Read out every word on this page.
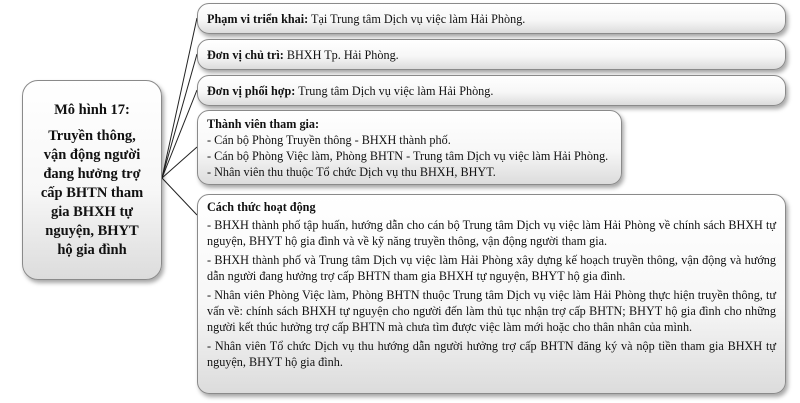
Mô hình 17:
Truyền thông,
vận động người
đang hưởng trợ
cấp BHTN tham
gia BHXH tự
nguyện, BHYT
hộ gia đình
Phạm vi triển khai: Tại Trung tâm Dịch vụ việc làm Hải Phòng.
Đơn vị chủ trì: BHXH Tp. Hải Phòng.
Đơn vị phối hợp: Trung tâm Dịch vụ việc làm Hải Phòng.
Thành viên tham gia:
- Cán bộ Phòng Truyền thông - BHXH thành phố.
- Cán bộ Phòng Việc làm, Phòng BHTN - Trung tâm Dịch vụ việc làm Hải Phòng.
- Nhân viên thu thuộc Tổ chức Dịch vụ thu BHXH, BHYT.
Cách thức hoạt động
- BHXH thành phố tập huấn, hướng dẫn cho cán bộ Trung tâm Dịch vụ việc làm Hải Phòng về chính sách BHXH tự nguyện, BHYT hộ gia đình và về kỹ năng truyền thông, vận động người tham gia.
- BHXH thành phố và Trung tâm Dịch vụ việc làm Hải Phòng xây dựng kế hoạch truyền thông, vận động và hướng dẫn người đang hưởng trợ cấp BHTN tham gia BHXH tự nguyện, BHYT hộ gia đình.
- Nhân viên Phòng Việc làm, Phòng BHTN thuộc Trung tâm Dịch vụ việc làm Hải Phòng thực hiện truyền thông, tư vấn về: chính sách BHXH tự nguyện cho người đến làm thủ tục nhận trợ cấp BHTN; BHYT hộ gia đình cho những người kết thúc hưởng trợ cấp BHTN mà chưa tìm được việc làm mới hoặc cho thân nhân của mình.
- Nhân viên Tổ chức Dịch vụ thu hướng dẫn người hưởng trợ cấp BHTN đăng ký và nộp tiền tham gia BHXH tự nguyện, BHYT hộ gia đình.
